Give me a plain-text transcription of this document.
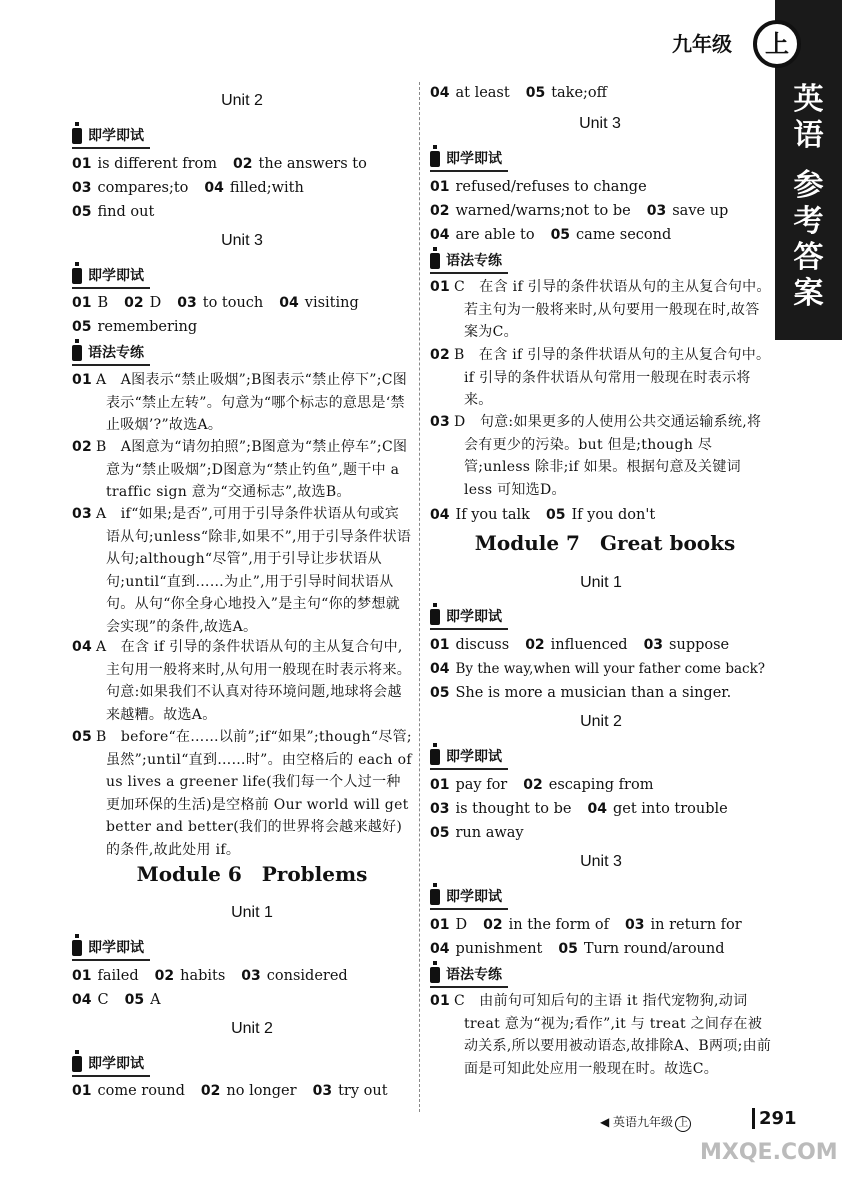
九年级	上
英
语
参
考
答
案
Unit 2
即学即试
01 is different from 02 the answers to
03 compares;to 04 filled;with
05 find out
Unit 3
即学即试
01 B 02 D 03 to touch 04 visiting
05 remembering
语法专练
01 A　A图表示“禁止吸烟”;B图表示“禁止停下”;C图表示“禁止左转”。句意为“哪个标志的意思是‘禁止吸烟’?”故选A。
02 B　A图意为“请勿拍照”;B图意为“禁止停车”;C图意为“禁止吸烟”;D图意为“禁止钓鱼”,题干中 a traffic sign 意为“交通标志”,故选B。
03 A　if“如果;是否”,可用于引导条件状语从句或宾语从句;unless“除非,如果不”,用于引导条件状语从句;although“尽管”,用于引导让步状语从句;until“直到……为止”,用于引导时间状语从句。从句“你全身心地投入”是主句“你的梦想就会实现”的条件,故选A。
04 A　在含 if 引导的条件状语从句的主从复合句中,主句用一般将来时,从句用一般现在时表示将来。句意:如果我们不认真对待环境问题,地球将会越来越糟。故选A。
05 B　before“在……以前”;if“如果”;though“尽管;虽然”;until“直到……时”。由空格后的 each of us lives a greener life(我们每一个人过一种更加环保的生活)是空格前 Our world will get better and better(我们的世界将会越来越好)的条件,故此处用 if。
Module 6　Problems
Unit 1
即学即试
01 failed 02 habits 03 considered
04 C 05 A
Unit 2
即学即试
01 come round 02 no longer 03 try out
04 at least 05 take;off
Unit 3
即学即试
01 refused/refuses to change
02 warned/warns;not to be 03 save up
04 are able to 05 came second
语法专练
01 C　在含 if 引导的条件状语从句的主从复合句中。若主句为一般将来时,从句要用一般现在时,故答案为C。
02 B　在含 if 引导的条件状语从句的主从复合句中。if 引导的条件状语从句常用一般现在时表示将来。
03 D　句意:如果更多的人使用公共交通运输系统,将会有更少的污染。but 但是;though 尽管;unless 除非;if 如果。根据句意及关键词 less 可知选D。
04 If you talk 05 If you don't
Module 7　Great books
Unit 1
即学即试
01 discuss 02 influenced 03 suppose
04 By the way,when will your father come back?
05 She is more a musician than a singer.
Unit 2
即学即试
01 pay for 02 escaping from
03 is thought to be 04 get into trouble
05 run away
Unit 3
即学即试
01 D 02 in the form of 03 in return for
04 punishment 05 Turn round/around
语法专练
01 C　由前句可知后句的主语 it 指代宠物狗,动词 treat 意为“视为;看作”,it 与 treat 之间存在被动关系,所以要用被动语态,故排除A、B两项;由前面是可知此处应用一般现在时。故选C。
◀ 英语九年级 上	291
MXQE.COM
